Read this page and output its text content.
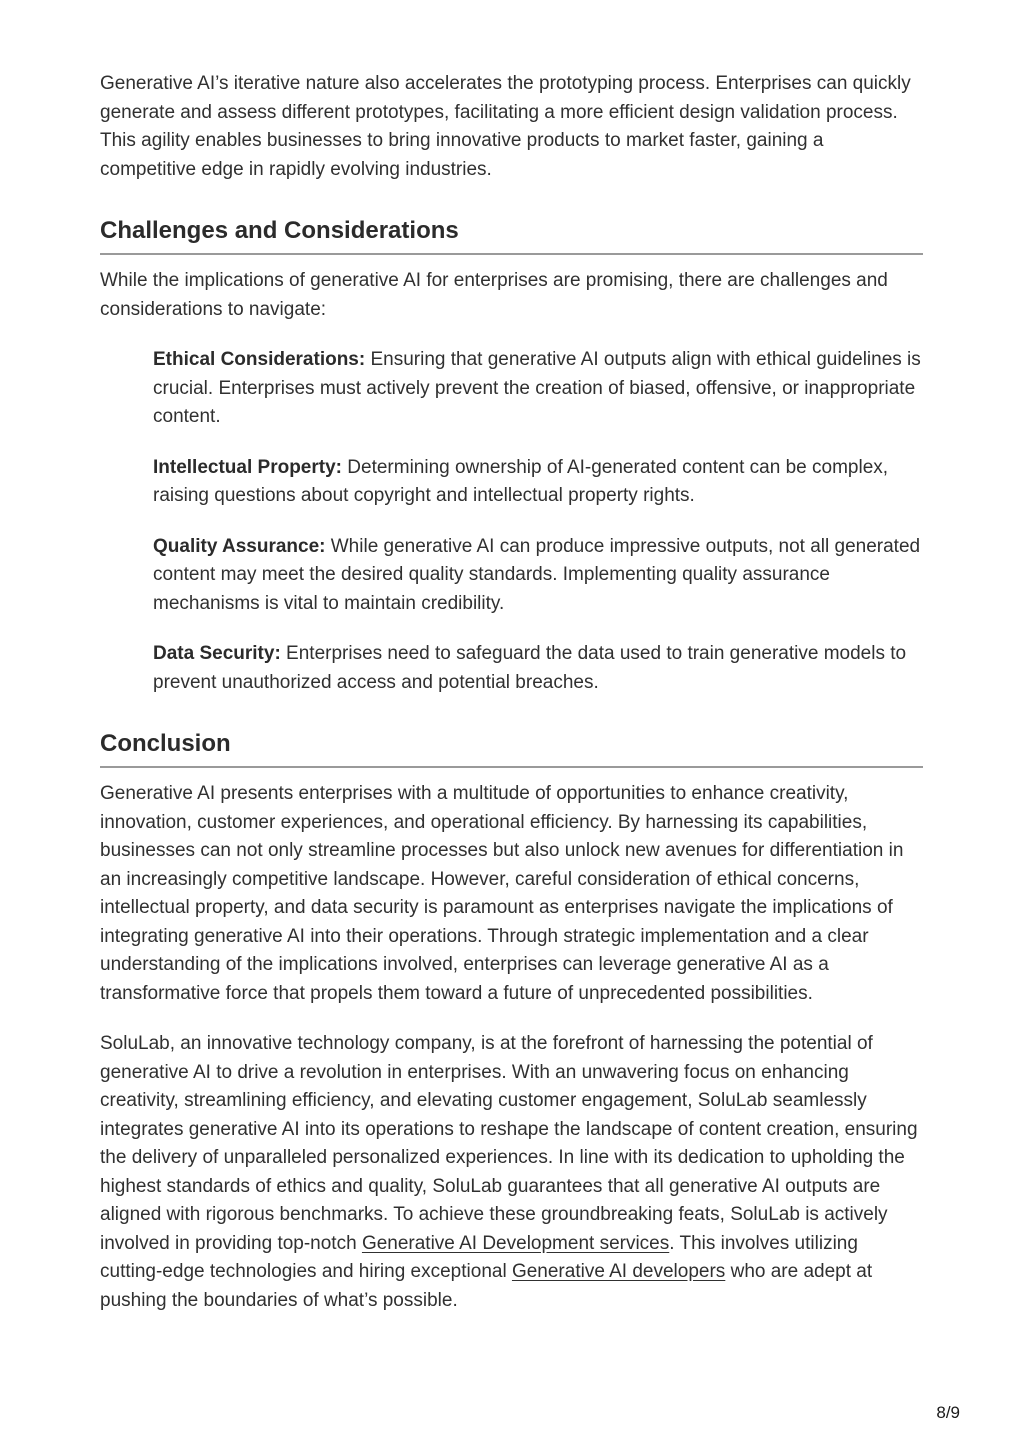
Generative AI’s iterative nature also accelerates the prototyping process. Enterprises can quickly generate and assess different prototypes, facilitating a more efficient design validation process. This agility enables businesses to bring innovative products to market faster, gaining a competitive edge in rapidly evolving industries.

Challenges and Considerations

While the implications of generative AI for enterprises are promising, there are challenges and considerations to navigate:

Ethical Considerations: Ensuring that generative AI outputs align with ethical guidelines is crucial. Enterprises must actively prevent the creation of biased, offensive, or inappropriate content.

Intellectual Property: Determining ownership of AI-generated content can be complex, raising questions about copyright and intellectual property rights.

Quality Assurance: While generative AI can produce impressive outputs, not all generated content may meet the desired quality standards. Implementing quality assurance mechanisms is vital to maintain credibility.

Data Security: Enterprises need to safeguard the data used to train generative models to prevent unauthorized access and potential breaches.

Conclusion

Generative AI presents enterprises with a multitude of opportunities to enhance creativity, innovation, customer experiences, and operational efficiency. By harnessing its capabilities, businesses can not only streamline processes but also unlock new avenues for differentiation in an increasingly competitive landscape. However, careful consideration of ethical concerns, intellectual property, and data security is paramount as enterprises navigate the implications of integrating generative AI into their operations. Through strategic implementation and a clear understanding of the implications involved, enterprises can leverage generative AI as a transformative force that propels them toward a future of unprecedented possibilities.

SoluLab, an innovative technology company, is at the forefront of harnessing the potential of generative AI to drive a revolution in enterprises. With an unwavering focus on enhancing creativity, streamlining efficiency, and elevating customer engagement, SoluLab seamlessly integrates generative AI into its operations to reshape the landscape of content creation, ensuring the delivery of unparalleled personalized experiences. In line with its dedication to upholding the highest standards of ethics and quality, SoluLab guarantees that all generative AI outputs are aligned with rigorous benchmarks. To achieve these groundbreaking feats, SoluLab is actively involved in providing top-notch Generative AI Development services. This involves utilizing cutting-edge technologies and hiring exceptional Generative AI developers who are adept at pushing the boundaries of what’s possible.

8/9
